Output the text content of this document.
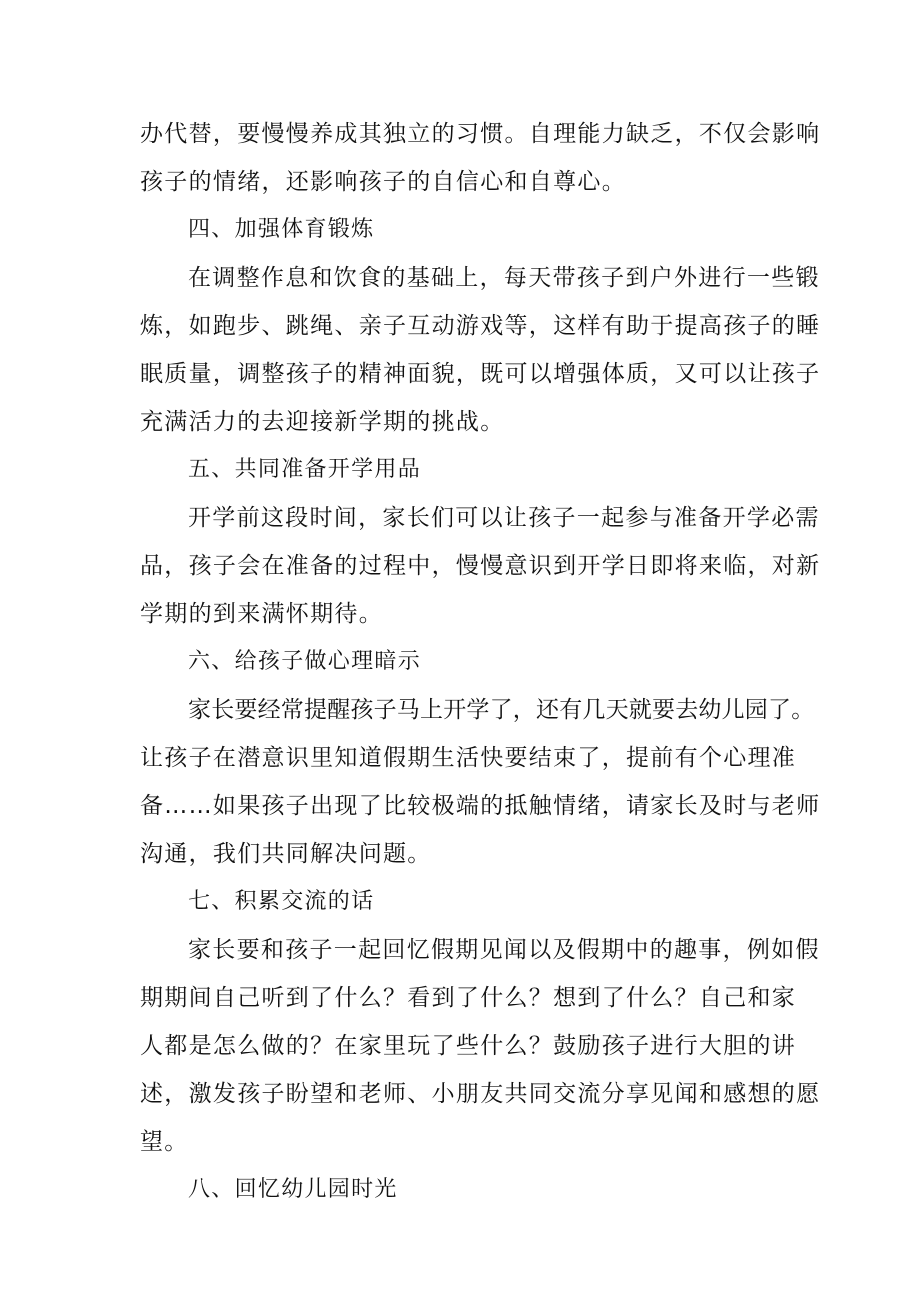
办代替，要慢慢养成其独立的习惯。自理能力缺乏，不仅会影响
孩子的情绪，还影响孩子的自信心和自尊心。
四、加强体育锻炼
在调整作息和饮食的基础上，每天带孩子到户外进行一些锻
炼，如跑步、跳绳、亲子互动游戏等，这样有助于提高孩子的睡
眠质量，调整孩子的精神面貌，既可以增强体质，又可以让孩子
充满活力的去迎接新学期的挑战。
五、共同准备开学用品
开学前这段时间，家长们可以让孩子一起参与准备开学必需
品，孩子会在准备的过程中，慢慢意识到开学日即将来临，对新
学期的到来满怀期待。
六、给孩子做心理暗示
家长要经常提醒孩子马上开学了，还有几天就要去幼儿园了。
让孩子在潜意识里知道假期生活快要结束了，提前有个心理准
备……如果孩子出现了比较极端的抵触情绪，请家长及时与老师
沟通，我们共同解决问题。
七、积累交流的话
家长要和孩子一起回忆假期见闻以及假期中的趣事，例如假
期期间自己听到了什么？看到了什么？想到了什么？自己和家
人都是怎么做的？在家里玩了些什么？鼓励孩子进行大胆的讲
述，激发孩子盼望和老师、小朋友共同交流分享见闻和感想的愿
望。
八、回忆幼儿园时光
